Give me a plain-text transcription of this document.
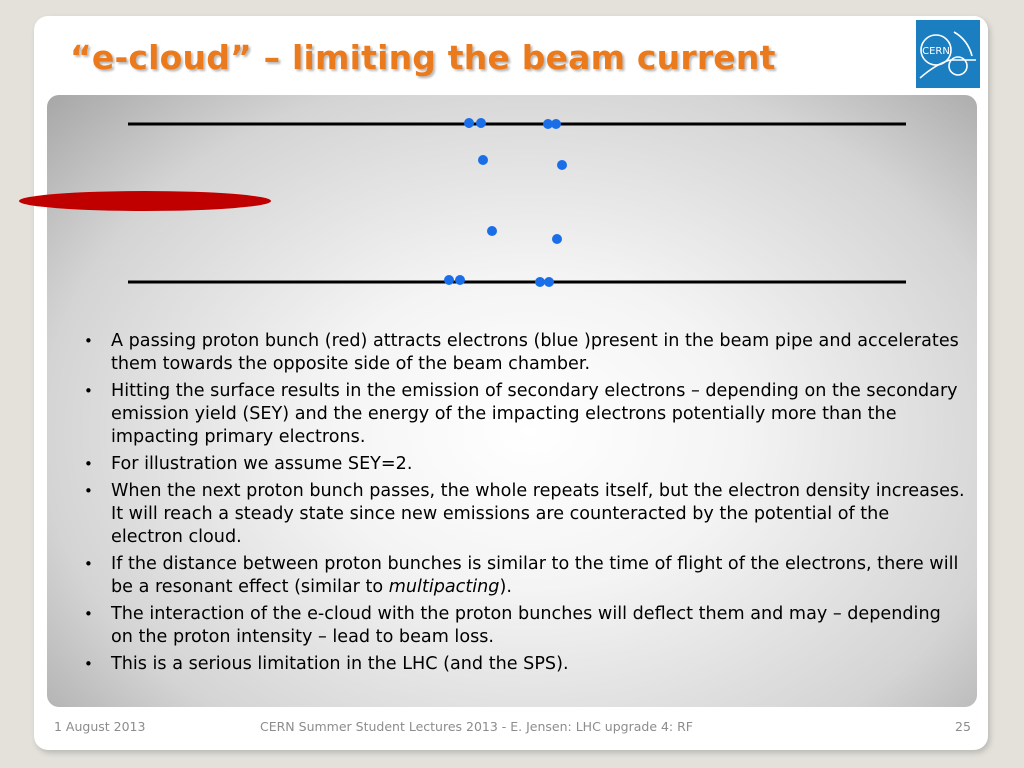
“e-cloud” – limiting the beam current	CERN
• A passing proton bunch (red) attracts electrons (blue )present in the beam pipe and accelerates them towards the opposite side of the beam chamber.
• Hitting the surface results in the emission of secondary electrons – depending on the secondary emission yield (SEY) and the energy of the impacting electrons potentially more than the impacting primary electrons.
• For illustration we assume SEY=2.
• When the next proton bunch passes, the whole repeats itself, but the electron density increases. It will reach a steady state since new emissions are counteracted by the potential of the electron cloud.
• If the distance between proton bunches is similar to the time of flight of the electrons, there will be a resonant effect (similar to multipacting).
• The interaction of the e-cloud with the proton bunches will deflect them and may – depending on the proton intensity – lead to beam loss.
• This is a serious limitation in the LHC (and the SPS).
1 August 2013	CERN Summer Student Lectures 2013 - E. Jensen: LHC upgrade 4: RF	25
